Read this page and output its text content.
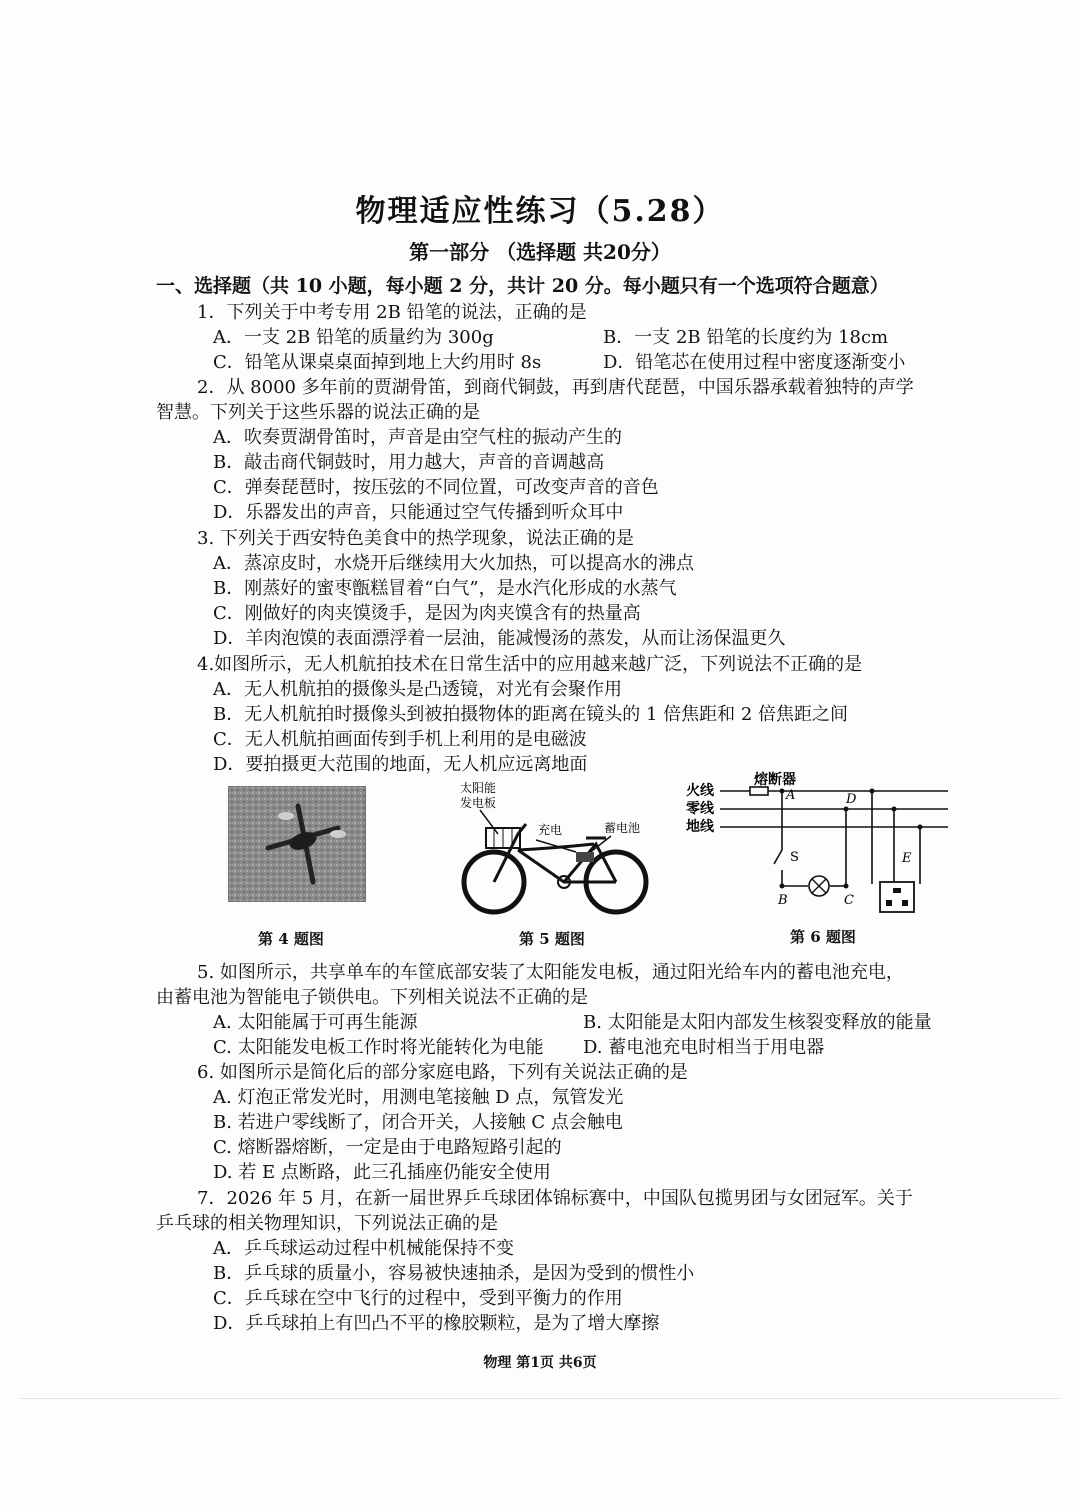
物理适应性练习（5.28）
第一部分 （选择题 共20分）
一、选择题（共 10 小题，每小题 2 分，共计 20 分。每小题只有一个选项符合题意）
1．下列关于中考专用 2B 铅笔的说法，正确的是
A．一支 2B 铅笔的质量约为 300g	B．一支 2B 铅笔的长度约为 18cm
C．铅笔从课桌桌面掉到地上大约用时 8s	D．铅笔芯在使用过程中密度逐渐变小
2．从 8000 多年前的贾湖骨笛，到商代铜鼓，再到唐代琵琶，中国乐器承载着独特的声学
智慧。下列关于这些乐器的说法正确的是
A．吹奏贾湖骨笛时，声音是由空气柱的振动产生的
B．敲击商代铜鼓时，用力越大，声音的音调越高
C．弹奏琵琶时，按压弦的不同位置，可改变声音的音色
D．乐器发出的声音，只能通过空气传播到听众耳中
3. 下列关于西安特色美食中的热学现象，说法正确的是
A．蒸凉皮时，水烧开后继续用大火加热，可以提高水的沸点
B．刚蒸好的蜜枣甑糕冒着“白气”，是水汽化形成的水蒸气
C．刚做好的肉夹馍烫手，是因为肉夹馍含有的热量高
D．羊肉泡馍的表面漂浮着一层油，能减慢汤的蒸发，从而让汤保温更久
4.如图所示，无人机航拍技术在日常生活中的应用越来越广泛，下列说法不正确的是
A．无人机航拍的摄像头是凸透镜，对光有会聚作用
B．无人机航拍时摄像头到被拍摄物体的距离在镜头的 1 倍焦距和 2 倍焦距之间
C．无人机航拍画面传到手机上利用的是电磁波
D．要拍摄更大范围的地面，无人机应远离地面
第 4 题图
太阳能发电板
充电	蓄电池
第 5 题图
火线
零线
地线
熔断器
A	D
S
B	C
E
第 6 题图
5. 如图所示，共享单车的车筐底部安装了太阳能发电板，通过阳光给车内的蓄电池充电，
由蓄电池为智能电子锁供电。下列相关说法不正确的是
A. 太阳能属于可再生能源	B. 太阳能是太阳内部发生核裂变释放的能量
C. 太阳能发电板工作时将光能转化为电能 D. 蓄电池充电时相当于用电器
6. 如图所示是简化后的部分家庭电路，下列有关说法正确的是
A. 灯泡正常发光时，用测电笔接触 D 点，氖管发光
B. 若进户零线断了，闭合开关，人接触 C 点会触电
C. 熔断器熔断，一定是由于电路短路引起的
D. 若 E 点断路，此三孔插座仍能安全使用
7．2026 年 5 月，在新一届世界乒乓球团体锦标赛中，中国队包揽男团与女团冠军。关于
乒乓球的相关物理知识，下列说法正确的是
A．乒乓球运动过程中机械能保持不变
B．乒乓球的质量小，容易被快速抽杀，是因为受到的惯性小
C．乒乓球在空中飞行的过程中，受到平衡力的作用
D．乒乓球拍上有凹凸不平的橡胶颗粒，是为了增大摩擦
物理 第1页 共6页
